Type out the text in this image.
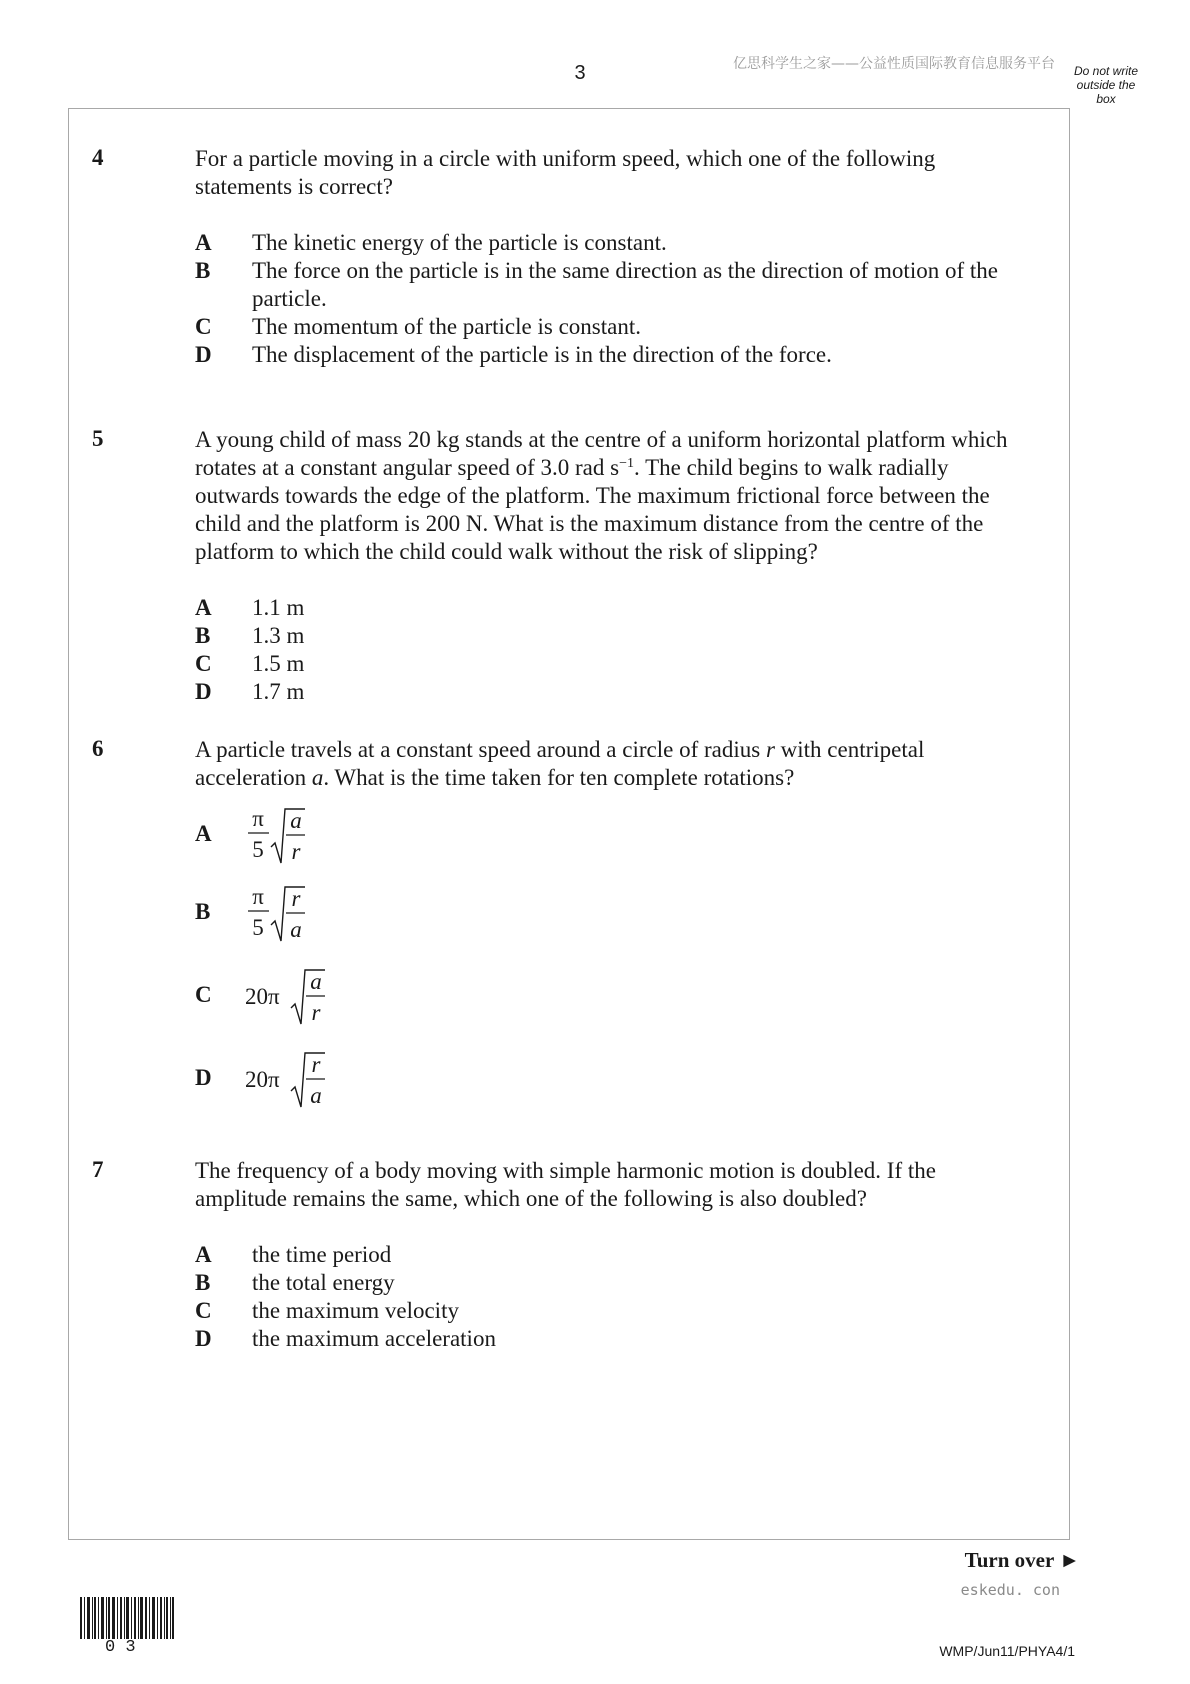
3	亿思科学生之家——公益性质国际教育信息服务平台	Do not write
outside the
box
4	For a particle moving in a circle with uniform speed, which one of the following
statements is correct?
A The kinetic energy of the particle is constant.
B The force on the particle is in the same direction as the direction of motion of the
particle.
C The momentum of the particle is constant.
D The displacement of the particle is in the direction of the force.
5	A young child of mass 20 kg stands at the centre of a uniform horizontal platform which
rotates at a constant angular speed of 3.0 rad $s^{-1}$. The child begins to walk radially
outwards towards the edge of the platform. The maximum frictional force between the
child and the platform is 200 N. What is the maximum distance from the centre of the
platform to which the child could walk without the risk of slipping?
A 1.1 m
B 1.3 m
C 1.5 m
D 1.7 m
6	A particle travels at a constant speed around a circle of radius r with centripetal
acceleration a. What is the time taken for ten complete rotations?
A
π
5
a
r
B
π
5
r
a
C 20π
a
r
D 20π
r
a
7	The frequency of a body moving with simple harmonic motion is doubled. If the
amplitude remains the same, which one of the following is also doubled?
A the time period
B the total energy
C the maximum velocity
D the maximum acceleration
Turn over ►
eskedu. con
0 3	WMP/Jun11/PHYA4/1
